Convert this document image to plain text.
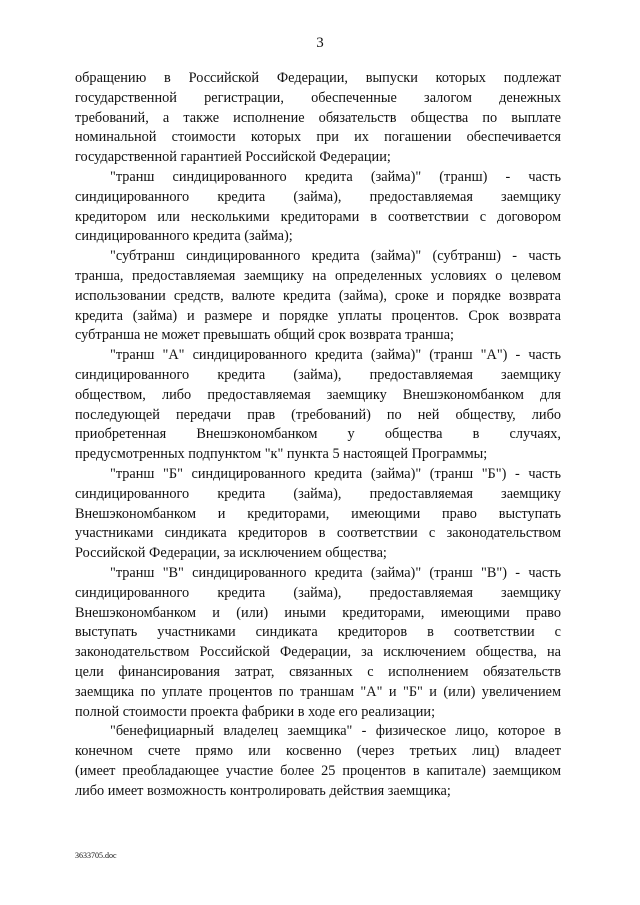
3
обращению в Российской Федерации, выпуски которых подлежат
государственной регистрации, обеспеченные залогом денежных
требований, а также исполнение обязательств общества по выплате
номинальной стоимости которых при их погашении обеспечивается
государственной гарантией Российской Федерации;
"транш синдицированного кредита (займа)" (транш) - часть
синдицированного кредита (займа), предоставляемая заемщику
кредитором или несколькими кредиторами в соответствии с договором
синдицированного кредита (займа);
"субтранш синдицированного кредита (займа)" (субтранш) - часть
транша, предоставляемая заемщику на определенных условиях о целевом
использовании средств, валюте кредита (займа), сроке и порядке возврата
кредита (займа) и размере и порядке уплаты процентов. Срок возврата
субтранша не может превышать общий срок возврата транша;
"транш "А" синдицированного кредита (займа)" (транш "А") - часть
синдицированного кредита (займа), предоставляемая заемщику
обществом, либо предоставляемая заемщику Внешэкономбанком для
последующей передачи прав (требований) по ней обществу, либо
приобретенная Внешэкономбанком у общества в случаях,
предусмотренных подпунктом "к" пункта 5 настоящей Программы;
"транш "Б" синдицированного кредита (займа)" (транш "Б") - часть
синдицированного кредита (займа), предоставляемая заемщику
Внешэкономбанком и кредиторами, имеющими право выступать
участниками синдиката кредиторов в соответствии с законодательством
Российской Федерации, за исключением общества;
"транш "В" синдицированного кредита (займа)" (транш "В") - часть
синдицированного кредита (займа), предоставляемая заемщику
Внешэкономбанком и (или) иными кредиторами, имеющими право
выступать участниками синдиката кредиторов в соответствии с
законодательством Российской Федерации, за исключением общества, на
цели финансирования затрат, связанных с исполнением обязательств
заемщика по уплате процентов по траншам "А" и "Б" и (или) увеличением
полной стоимости проекта фабрики в ходе его реализации;
"бенефициарный владелец заемщика" - физическое лицо, которое в
конечном счете прямо или косвенно (через третьих лиц) владеет
(имеет преобладающее участие более 25 процентов в капитале) заемщиком
либо имеет возможность контролировать действия заемщика;
3633705.doc
